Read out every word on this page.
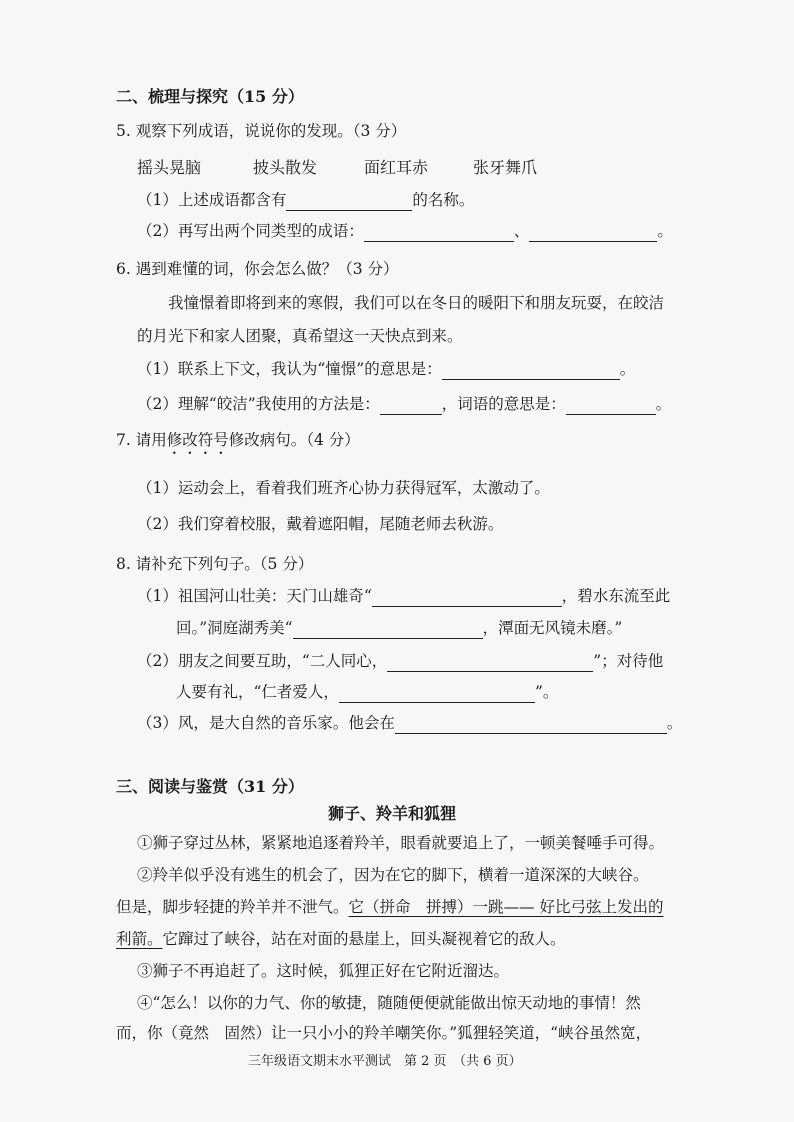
二、梳理与探究（15 分）
5. 观察下列成语，说说你的发现。（3 分）
摇头晃脑	披头散发	面红耳赤	张牙舞爪
（1）上述成语都含有	的名称。
（2）再写出两个同类型的成语：	、	。
6. 遇到难懂的词，你会怎么做？（3 分）
我憧憬着即将到来的寒假，我们可以在冬日的暖阳下和朋友玩耍，在皎洁
的月光下和家人团聚，真希望这一天快点到来。
（1）联系上下文，我认为“憧憬”的意思是：	。
（2）理解“皎洁”我使用的方法是：	，词语的意思是：	。
7. 请用修改符号修改病句。（4 分）
（1）运动会上，看着我们班齐心协力获得冠军，太激动了。
（2）我们穿着校服，戴着遮阳帽，尾随老师去秋游。
8. 请补充下列句子。（5 分）
（1）祖国河山壮美：天门山雄奇“	，碧水东流至此
回。”洞庭湖秀美“	，潭面无风镜未磨。”
（2）朋友之间要互助，“二人同心，	”；对待他
人要有礼，“仁者爱人，	”。
（3）风，是大自然的音乐家。他会在	。
三、阅读与鉴赏（31 分）
狮子、羚羊和狐狸
①狮子穿过丛林，紧紧地追逐着羚羊，眼看就要追上了，一顿美餐唾手可得。
②羚羊似乎没有逃生的机会了，因为在它的脚下，横着一道深深的大峡谷。
但是，脚步轻捷的羚羊并不泄气。它（拼命　拼搏）一跳—— 好比弓弦上发出的
利箭。它蹿过了峡谷，站在对面的悬崖上，回头凝视着它的敌人。
③狮子不再追赶了。这时候，狐狸正好在它附近溜达。
④“怎么！以你的力气、你的敏捷，随随便便就能做出惊天动地的事情！然
而，你（竟然　固然）让一只小小的羚羊嘲笑你。”狐狸轻笑道，“峡谷虽然宽，
三年级语文期末水平测试　第 2 页　（共 6 页）
